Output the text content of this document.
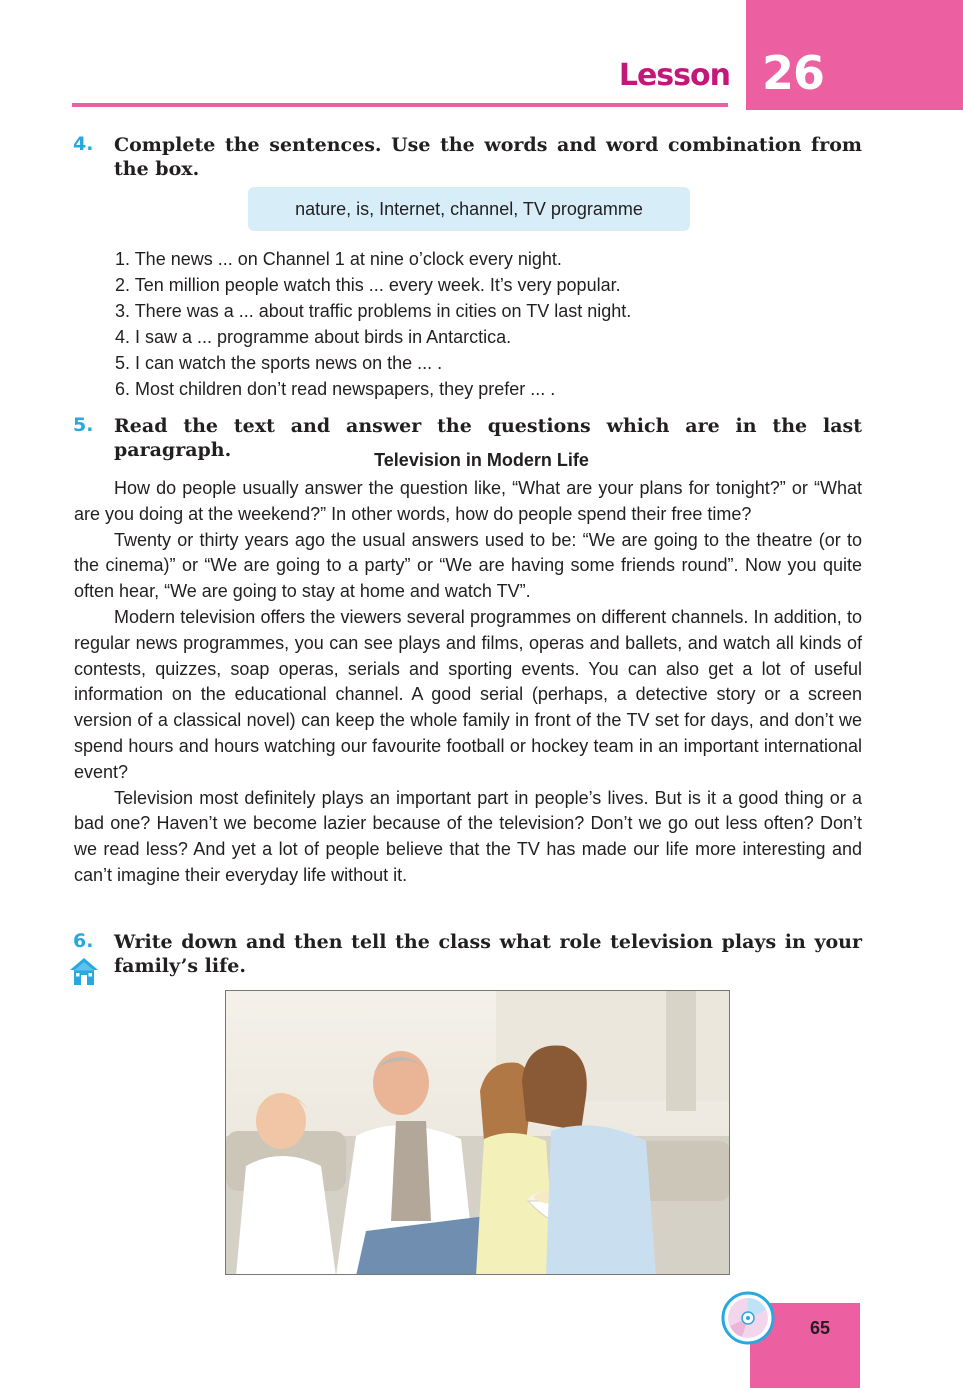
Lesson 26
4. Complete the sentences. Use the words and word combination from the box.
nature, is, Internet, channel, TV programme
1. The news ... on Channel 1 at nine o’clock every night.
2. Ten million people watch this ... every week. It’s very popular.
3. There was a ... about traffic problems in cities on TV last night.
4. I saw a ... programme about birds in Antarctica.
5. I can watch the sports news on the ... .
6. Most children don’t read newspapers, they prefer ... .
5. Read the text and answer the questions which are in the last paragraph.	Television in Modern Life

How do people usually answer the question like, “What are your plans for tonight?” or “What are you doing at the weekend?” In other words, how do people spend their free time?

Twenty or thirty years ago the usual answers used to be: “We are going to the theatre (or to the cinema)” or “We are going to a party” or “We are having some friends round”. Now you quite often hear, “We are going to stay at home and watch TV”.

Modern television offers the viewers several programmes on different channels. In addition, to regular news programmes, you can see plays and films, operas and ballets, and watch all kinds of contests, quizzes, soap operas, serials and sporting events. You can also get a lot of useful information on the educational channel. A good serial (perhaps, a detective story or a screen version of a classical novel) can keep the whole family in front of the TV set for days, and don’t we spend hours and hours watching our favourite football or hockey team in an important international event?

Television most definitely plays an important part in people’s lives. But is it a good thing or a bad one? Haven’t we become lazier because of the television? Don’t we go out less often? Don’t we read less? And yet a lot of people believe that the TV has made our life more interesting and can’t imagine their everyday life without it.

6. Write down and then tell the class what role television plays in your family’s life.
65
